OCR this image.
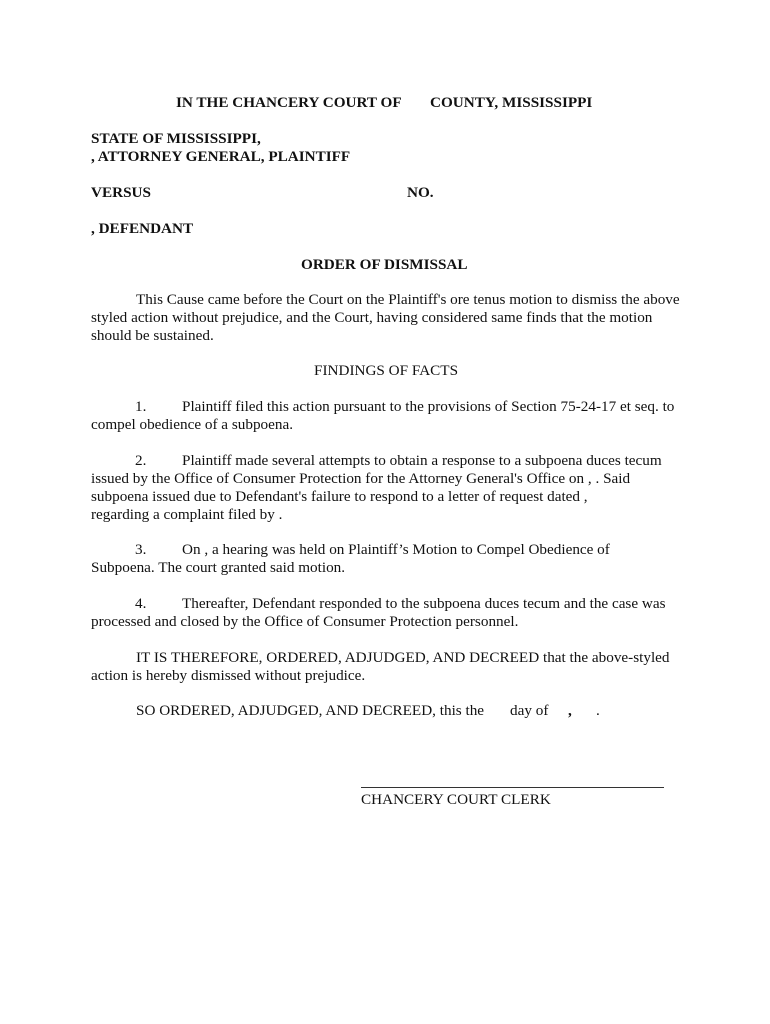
IN THE CHANCERY COURT OF COUNTY, MISSISSIPPI
STATE OF MISSISSIPPI,
, ATTORNEY GENERAL, PLAINTIFF
VERSUS	NO.
, DEFENDANT
ORDER OF DISMISSAL
This Cause came before the Court on the Plaintiff's ore tenus motion to dismiss the above
styled action without prejudice, and the Court, having considered same finds that the motion
should be sustained.
FINDINGS OF FACTS
1. Plaintiff filed this action pursuant to the provisions of Section 75-24-17 et seq. to
compel obedience of a subpoena.
2. Plaintiff made several attempts to obtain a response to a subpoena duces tecum
issued by the Office of Consumer Protection for the Attorney General's Office on , . Said
subpoena issued due to Defendant's failure to respond to a letter of request dated ,
regarding a complaint filed by .
3. On , a hearing was held on Plaintiff’s Motion to Compel Obedience of
Subpoena. The court granted said motion.
4. Thereafter, Defendant responded to the subpoena duces tecum and the case was
processed and closed by the Office of Consumer Protection personnel.
IT IS THEREFORE, ORDERED, ADJUDGED, AND DECREED that the above-styled
action is hereby dismissed without prejudice.
SO ORDERED, ADJUDGED, AND DECREED, this the day of , .
CHANCERY COURT CLERK
